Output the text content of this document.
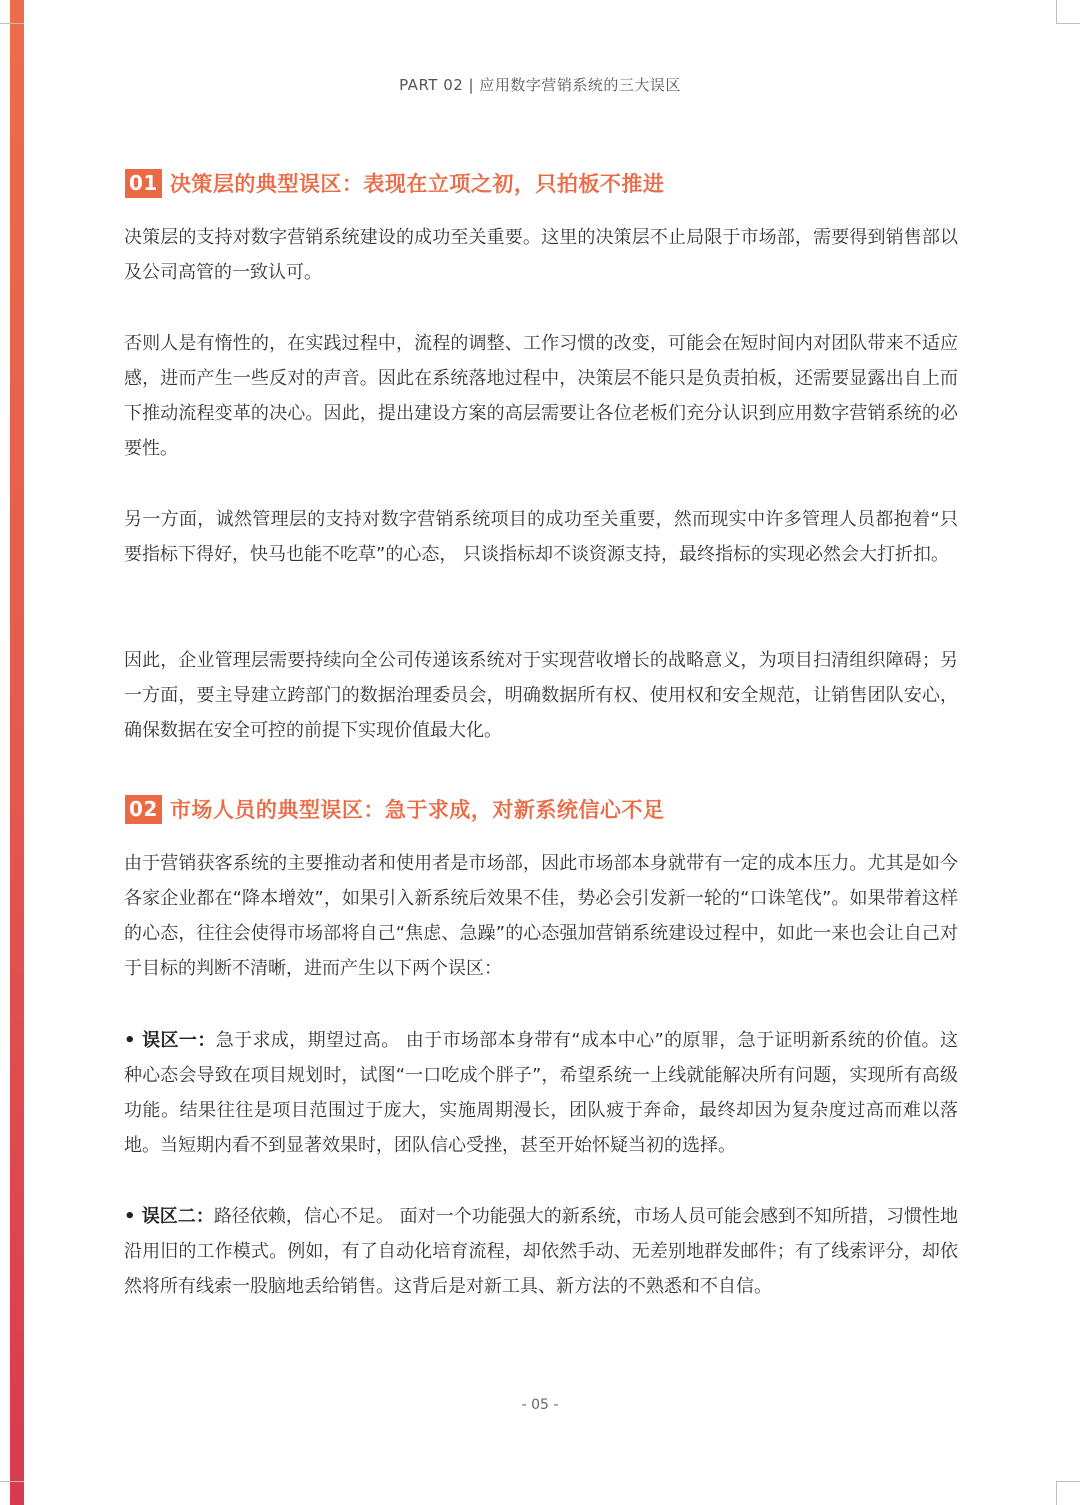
PART 02 | 应用数字营销系统的三大误区
01 决策层的典型误区：表现在立项之初，只拍板不推进

决策层的支持对数字营销系统建设的成功至关重要。这里的决策层不止局限于市场部，需要得到销售部以及公司高管的一致认可。

否则人是有惰性的，在实践过程中，流程的调整、工作习惯的改变，可能会在短时间内对团队带来不适应感，进而产生一些反对的声音。因此在系统落地过程中，决策层不能只是负责拍板，还需要显露出自上而下推动流程变革的决心。因此，提出建设方案的高层需要让各位老板们充分认识到应用数字营销系统的必要性。

另一方面，诚然管理层的支持对数字营销系统项目的成功至关重要，然而现实中许多管理人员都抱着“只要指标下得好，快马也能不吃草”的心态， 只谈指标却不谈资源支持，最终指标的实现必然会大打折扣。

因此，企业管理层需要持续向全公司传递该系统对于实现营收增长的战略意义，为项目扫清组织障碍；另一方面，要主导建立跨部门的数据治理委员会，明确数据所有权、使用权和安全规范，让销售团队安心，确保数据在安全可控的前提下实现价值最大化。

02 市场人员的典型误区：急于求成，对新系统信心不足

由于营销获客系统的主要推动者和使用者是市场部，因此市场部本身就带有一定的成本压力。尤其是如今各家企业都在“降本增效”，如果引入新系统后效果不佳，势必会引发新一轮的“口诛笔伐”。如果带着这样的心态，往往会使得市场部将自己“焦虑、急躁”的心态强加营销系统建设过程中，如此一来也会让自己对于目标的判断不清晰，进而产生以下两个误区：

• 误区一：急于求成，期望过高。 由于市场部本身带有“成本中心”的原罪，急于证明新系统的价值。这种心态会导致在项目规划时，试图“一口吃成个胖子”，希望系统一上线就能解决所有问题，实现所有高级功能。结果往往是项目范围过于庞大，实施周期漫长，团队疲于奔命，最终却因为复杂度过高而难以落地。当短期内看不到显著效果时，团队信心受挫，甚至开始怀疑当初的选择。

• 误区二：路径依赖，信心不足。 面对一个功能强大的新系统，市场人员可能会感到不知所措，习惯性地沿用旧的工作模式。例如，有了自动化培育流程，却依然手动、无差别地群发邮件；有了线索评分，却依然将所有线索一股脑地丢给销售。这背后是对新工具、新方法的不熟悉和不自信。

- 05 -
